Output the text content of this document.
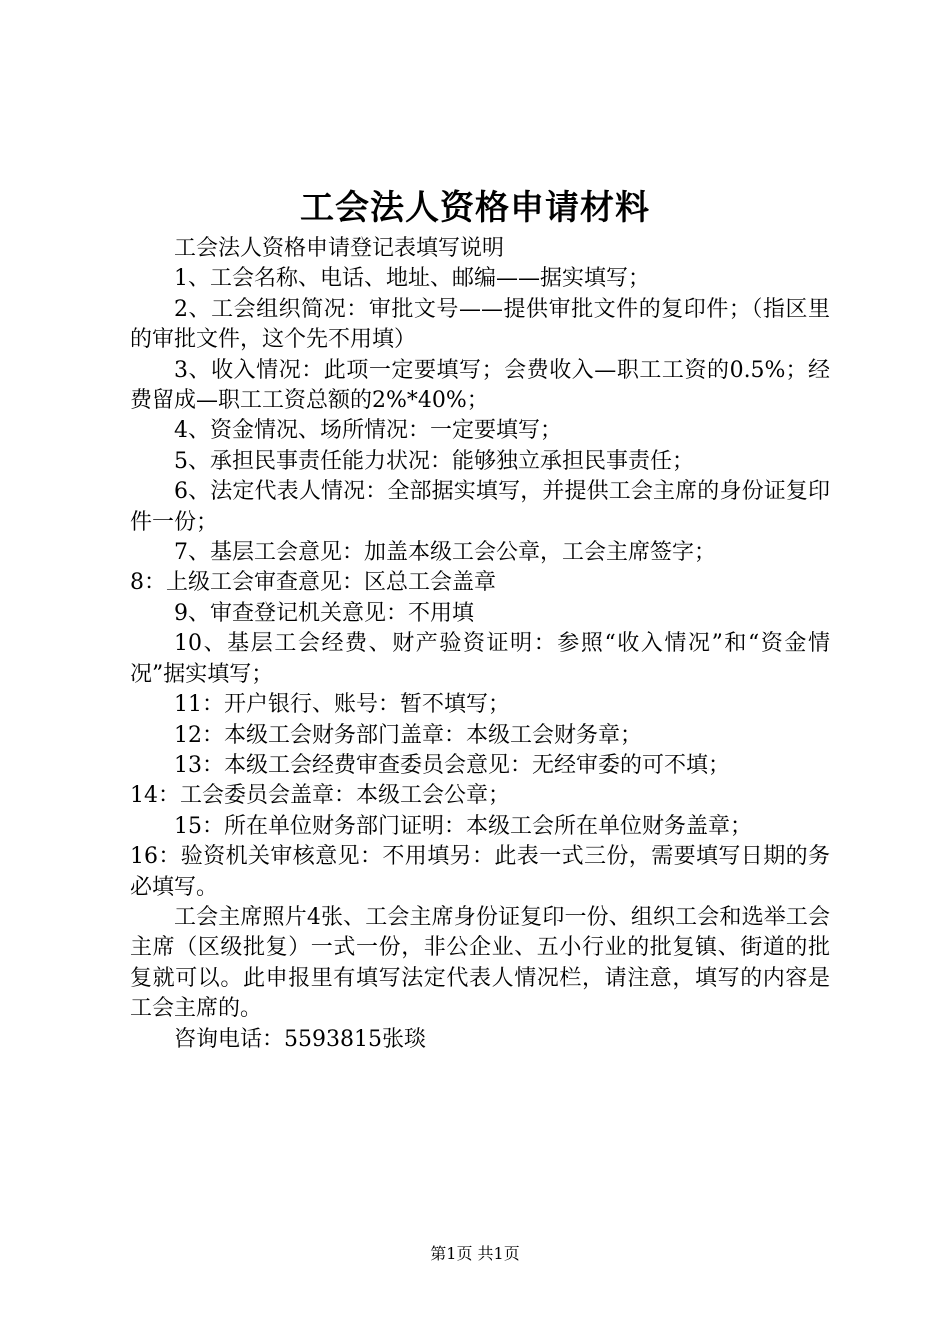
工会法人资格申请材料

工会法人资格申请登记表填写说明

1、工会名称、电话、地址、邮编——据实填写；

2、工会组织简况：审批文号——提供审批文件的复印件；（指区里的审批文件，这个先不用填）

3、收入情况：此项一定要填写；会费收入—职工工资的0.5%；经费留成—职工工资总额的2%*40%；

4、资金情况、场所情况：一定要填写；

5、承担民事责任能力状况：能够独立承担民事责任；

6、法定代表人情况：全部据实填写，并提供工会主席的身份证复印件一份；

7、基层工会意见：加盖本级工会公章，工会主席签字；

8：上级工会审查意见：区总工会盖章

9、审查登记机关意见：不用填

10、基层工会经费、财产验资证明：参照“收入情况”和“资金情况”据实填写；

11：开户银行、账号：暂不填写；

12：本级工会财务部门盖章：本级工会财务章；

13：本级工会经费审查委员会意见：无经审委的可不填；

14：工会委员会盖章：本级工会公章；

15：所在单位财务部门证明：本级工会所在单位财务盖章；

16：验资机关审核意见：不用填另：此表一式三份，需要填写日期的务必填写。

工会主席照片4张、工会主席身份证复印一份、组织工会和选举工会主席（区级批复）一式一份，非公企业、五小行业的批复镇、街道的批复就可以。此申报里有填写法定代表人情况栏，请注意，填写的内容是工会主席的。

咨询电话：5593815张琰

第1页 共1页
